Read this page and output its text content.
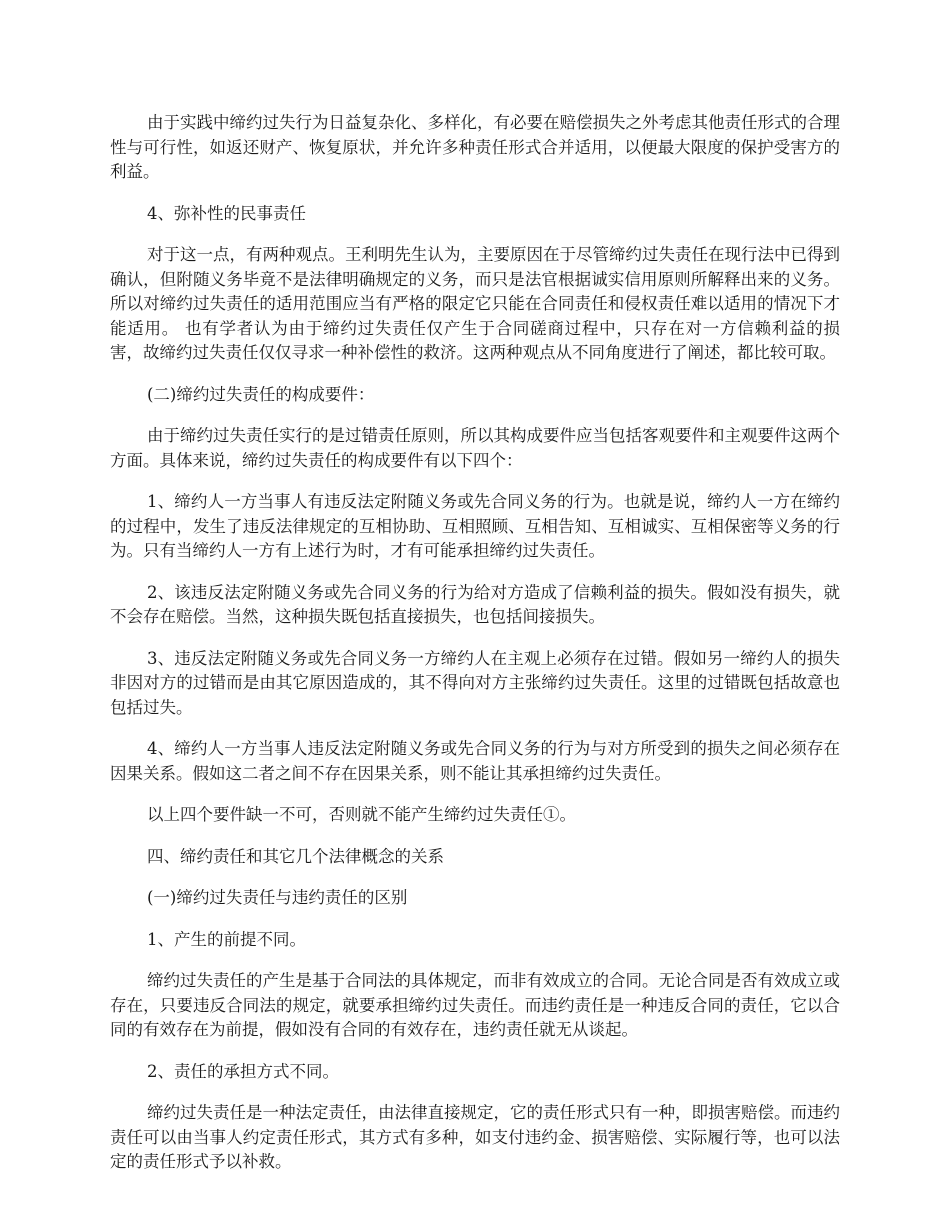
由于实践中缔约过失行为日益复杂化、多样化，有必要在赔偿损失之外考虑其他责任形式的合理性与可行性，如返还财产、恢复原状，并允许多种责任形式合并适用，以便最大限度的保护受害方的利益。

4、弥补性的民事责任

对于这一点，有两种观点。王利明先生认为，主要原因在于尽管缔约过失责任在现行法中已得到确认，但附随义务毕竟不是法律明确规定的义务，而只是法官根据诚实信用原则所解释出来的义务。所以对缔约过失责任的适用范围应当有严格的限定它只能在合同责任和侵权责任难以适用的情况下才能适用。 也有学者认为由于缔约过失责任仅产生于合同磋商过程中，只存在对一方信赖利益的损害，故缔约过失责任仅仅寻求一种补偿性的救济。这两种观点从不同角度进行了阐述，都比较可取。

(二)缔约过失责任的构成要件：

由于缔约过失责任实行的是过错责任原则，所以其构成要件应当包括客观要件和主观要件这两个方面。具体来说，缔约过失责任的构成要件有以下四个：

1、缔约人一方当事人有违反法定附随义务或先合同义务的行为。也就是说，缔约人一方在缔约的过程中，发生了违反法律规定的互相协助、互相照顾、互相告知、互相诚实、互相保密等义务的行为。只有当缔约人一方有上述行为时，才有可能承担缔约过失责任。

2、该违反法定附随义务或先合同义务的行为给对方造成了信赖利益的损失。假如没有损失，就不会存在赔偿。当然，这种损失既包括直接损失，也包括间接损失。

3、违反法定附随义务或先合同义务一方缔约人在主观上必须存在过错。假如另一缔约人的损失非因对方的过错而是由其它原因造成的，其不得向对方主张缔约过失责任。这里的过错既包括故意也包括过失。

4、缔约人一方当事人违反法定附随义务或先合同义务的行为与对方所受到的损失之间必须存在因果关系。假如这二者之间不存在因果关系，则不能让其承担缔约过失责任。

以上四个要件缺一不可，否则就不能产生缔约过失责任①。

四、缔约责任和其它几个法律概念的关系

(一)缔约过失责任与违约责任的区别

1、产生的前提不同。

缔约过失责任的产生是基于合同法的具体规定，而非有效成立的合同。无论合同是否有效成立或存在，只要违反合同法的规定，就要承担缔约过失责任。而违约责任是一种违反合同的责任，它以合同的有效存在为前提，假如没有合同的有效存在，违约责任就无从谈起。

2、责任的承担方式不同。

缔约过失责任是一种法定责任，由法律直接规定，它的责任形式只有一种，即损害赔偿。而违约责任可以由当事人约定责任形式，其方式有多种，如支付违约金、损害赔偿、实际履行等，也可以法定的责任形式予以补救。
